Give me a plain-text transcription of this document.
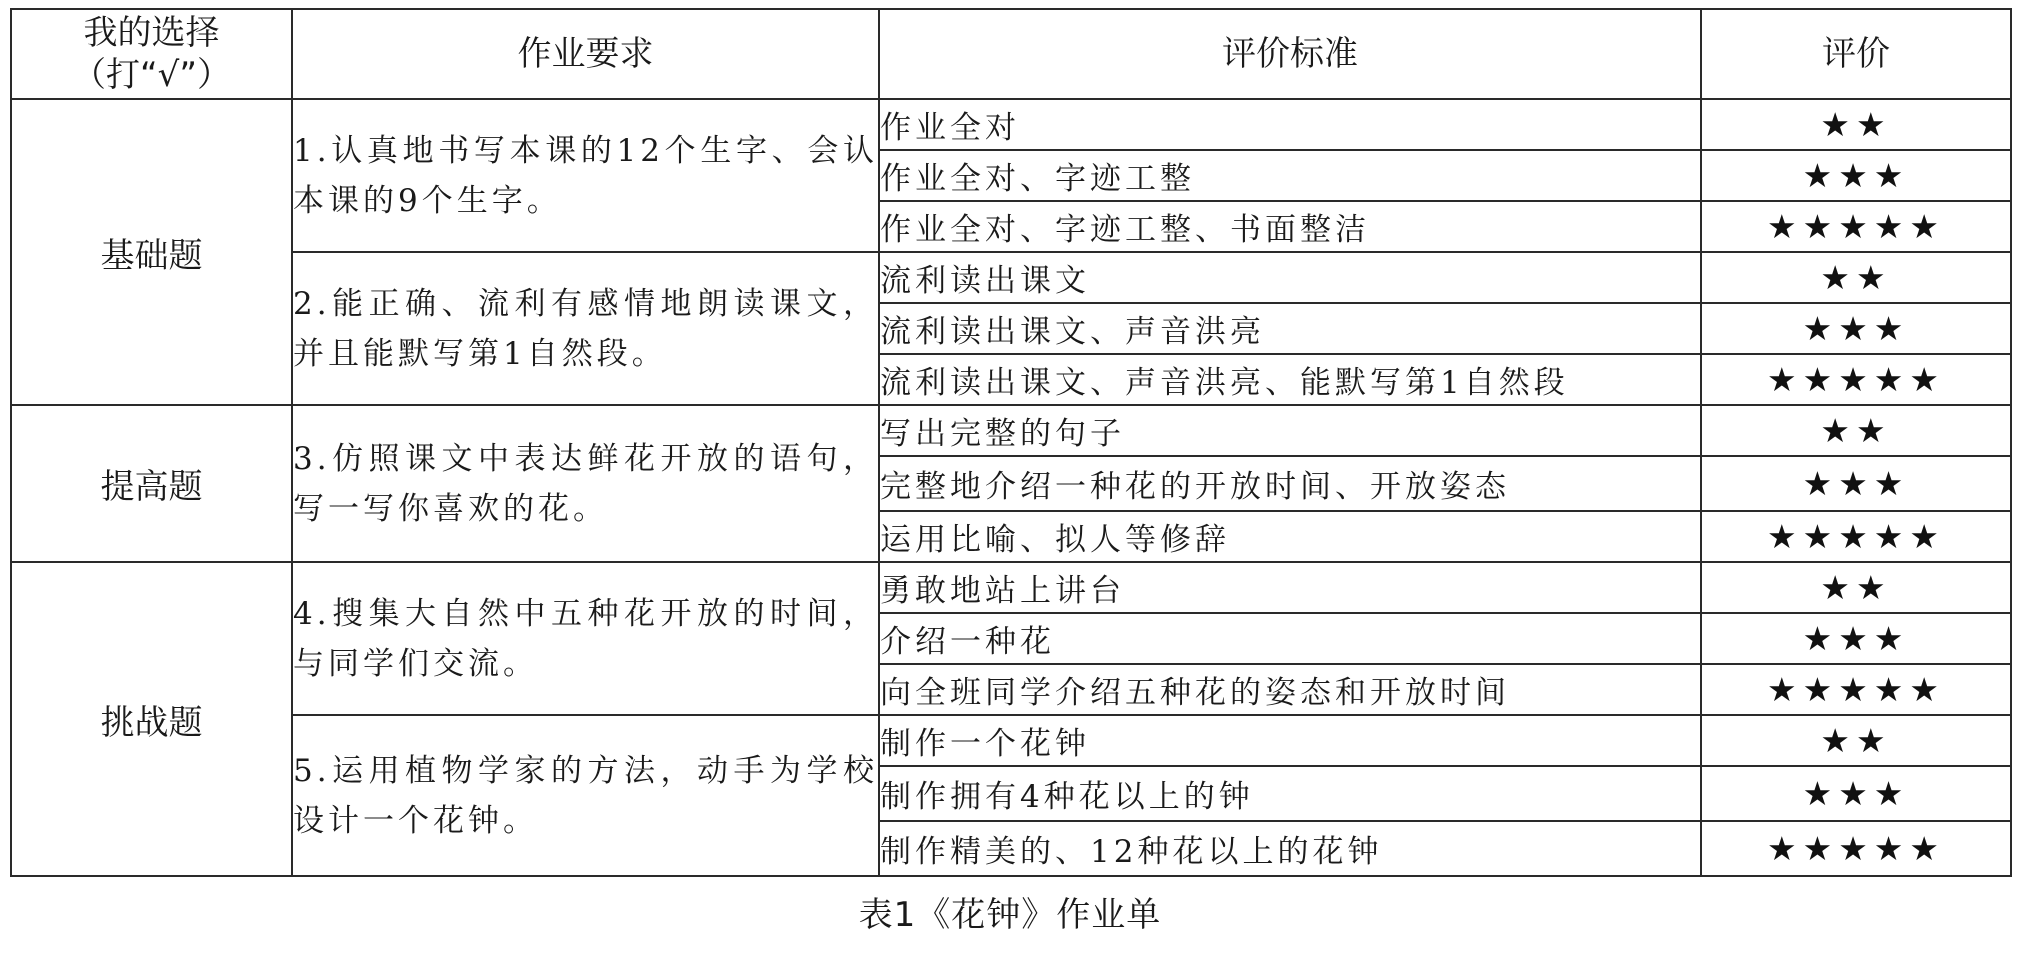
我的选择
（打“√”）	作业要求	评价标准	评价
基础题	1.认真地书写本课的12个生字、会认本课的9个生字。	作业全对	★★
		作业全对、字迹工整	★★★
		作业全对、字迹工整、书面整洁	★★★★★
	2.能正确、流利有感情地朗读课文，并且能默写第1自然段。	流利读出课文	★★
		流利读出课文、声音洪亮	★★★
		流利读出课文、声音洪亮、能默写第1自然段	★★★★★
提高题	3.仿照课文中表达鲜花开放的语句，写一写你喜欢的花。	写出完整的句子	★★
		完整地介绍一种花的开放时间、开放姿态	★★★
		运用比喻、拟人等修辞	★★★★★
挑战题	4.搜集大自然中五种花开放的时间，与同学们交流。	勇敢地站上讲台	★★
		介绍一种花	★★★
		向全班同学介绍五种花的姿态和开放时间	★★★★★
	5.运用植物学家的方法，动手为学校设计一个花钟。	制作一个花钟	★★
		制作拥有4种花以上的钟	★★★
		制作精美的、12种花以上的花钟	★★★★★
表1《花钟》作业单
